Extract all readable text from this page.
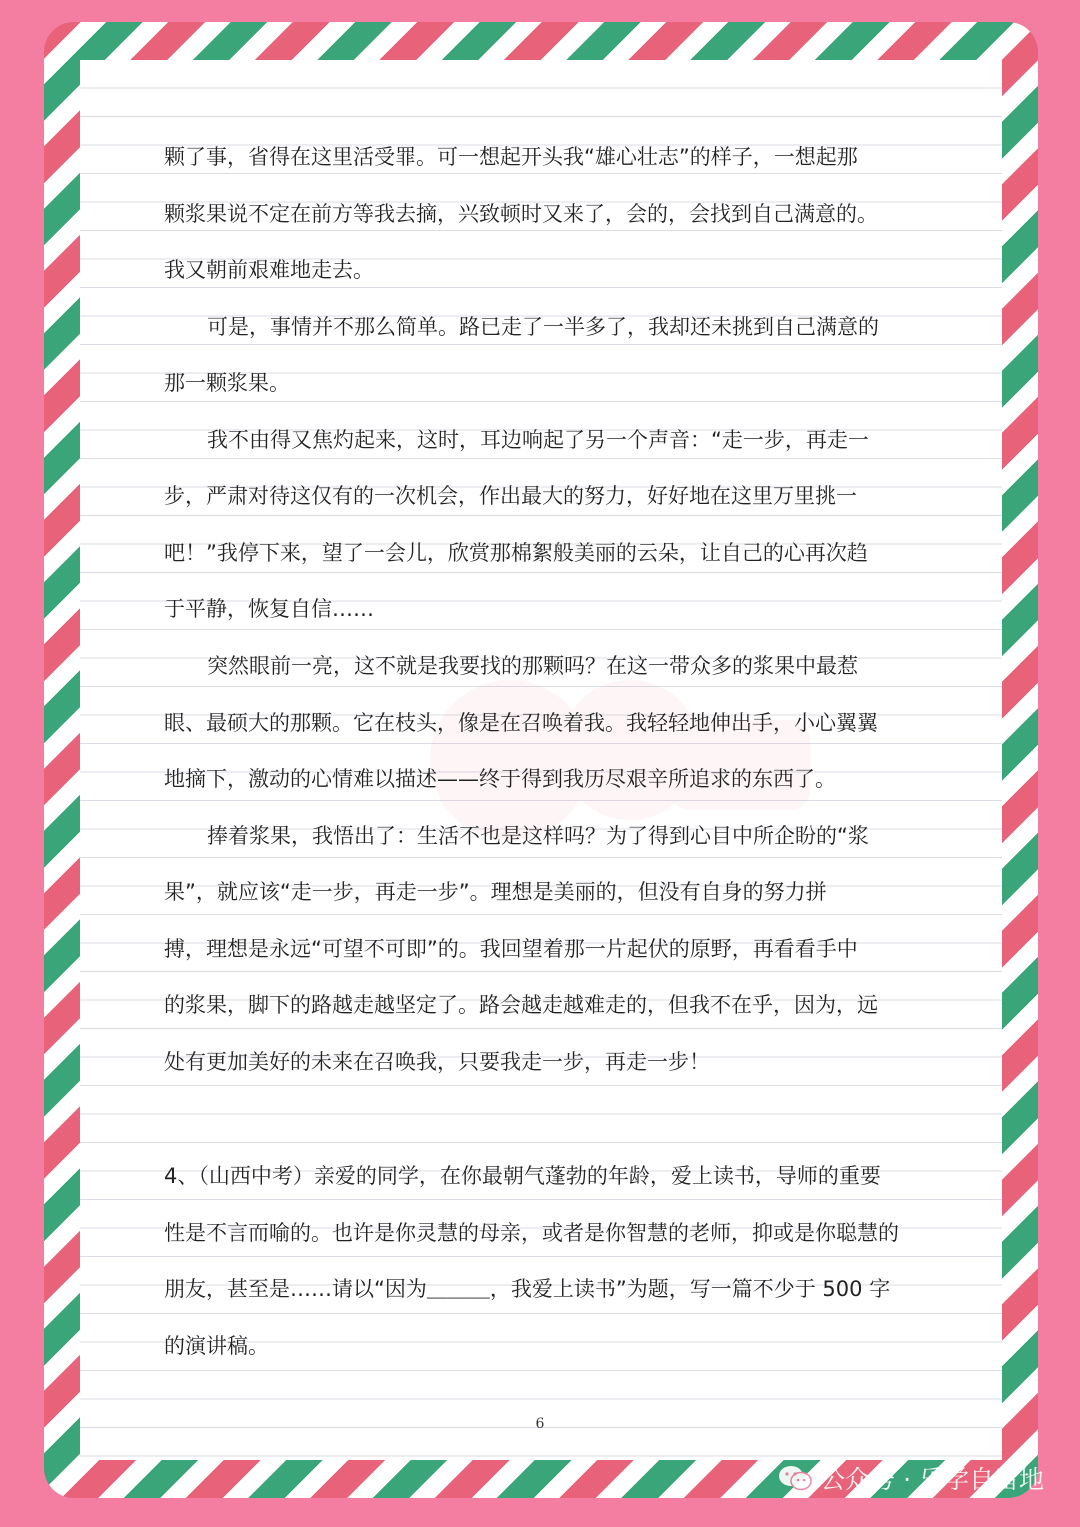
颗了事，省得在这里活受罪。可一想起开头我“雄心壮志”的样子，一想起那
颗浆果说不定在前方等我去摘，兴致顿时又来了，会的，会找到自己满意的。
我又朝前艰难地走去。
可是，事情并不那么简单。路已走了一半多了，我却还未挑到自己满意的
那一颗浆果。
我不由得又焦灼起来，这时，耳边响起了另一个声音：“走一步，再走一
步，严肃对待这仅有的一次机会，作出最大的努力，好好地在这里万里挑一
吧！”我停下来，望了一会儿，欣赏那棉絮般美丽的云朵，让自己的心再次趋
于平静，恢复自信……
突然眼前一亮，这不就是我要找的那颗吗？在这一带众多的浆果中最惹
眼、最硕大的那颗。它在枝头，像是在召唤着我。我轻轻地伸出手，小心翼翼
地摘下，激动的心情难以描述——终于得到我历尽艰辛所追求的东西了。
捧着浆果，我悟出了：生活不也是这样吗？为了得到心目中所企盼的“浆
果”，就应该“走一步，再走一步”。理想是美丽的，但没有自身的努力拼
搏，理想是永远“可望不可即”的。我回望着那一片起伏的原野，再看看手中
的浆果，脚下的路越走越坚定了。路会越走越难走的，但我不在乎，因为，远
处有更加美好的未来在召唤我，只要我走一步，再走一步！
4、（山西中考）亲爱的同学，在你最朝气蓬勃的年龄，爱上读书，导师的重要
性是不言而喻的。也许是你灵慧的母亲，或者是你智慧的老师，抑或是你聪慧的
朋友，甚至是……请以“因为＿＿＿，我爱上读书”为题，写一篇不少于 500 字
的演讲稿。
6
公众号 · 乐学自留地
